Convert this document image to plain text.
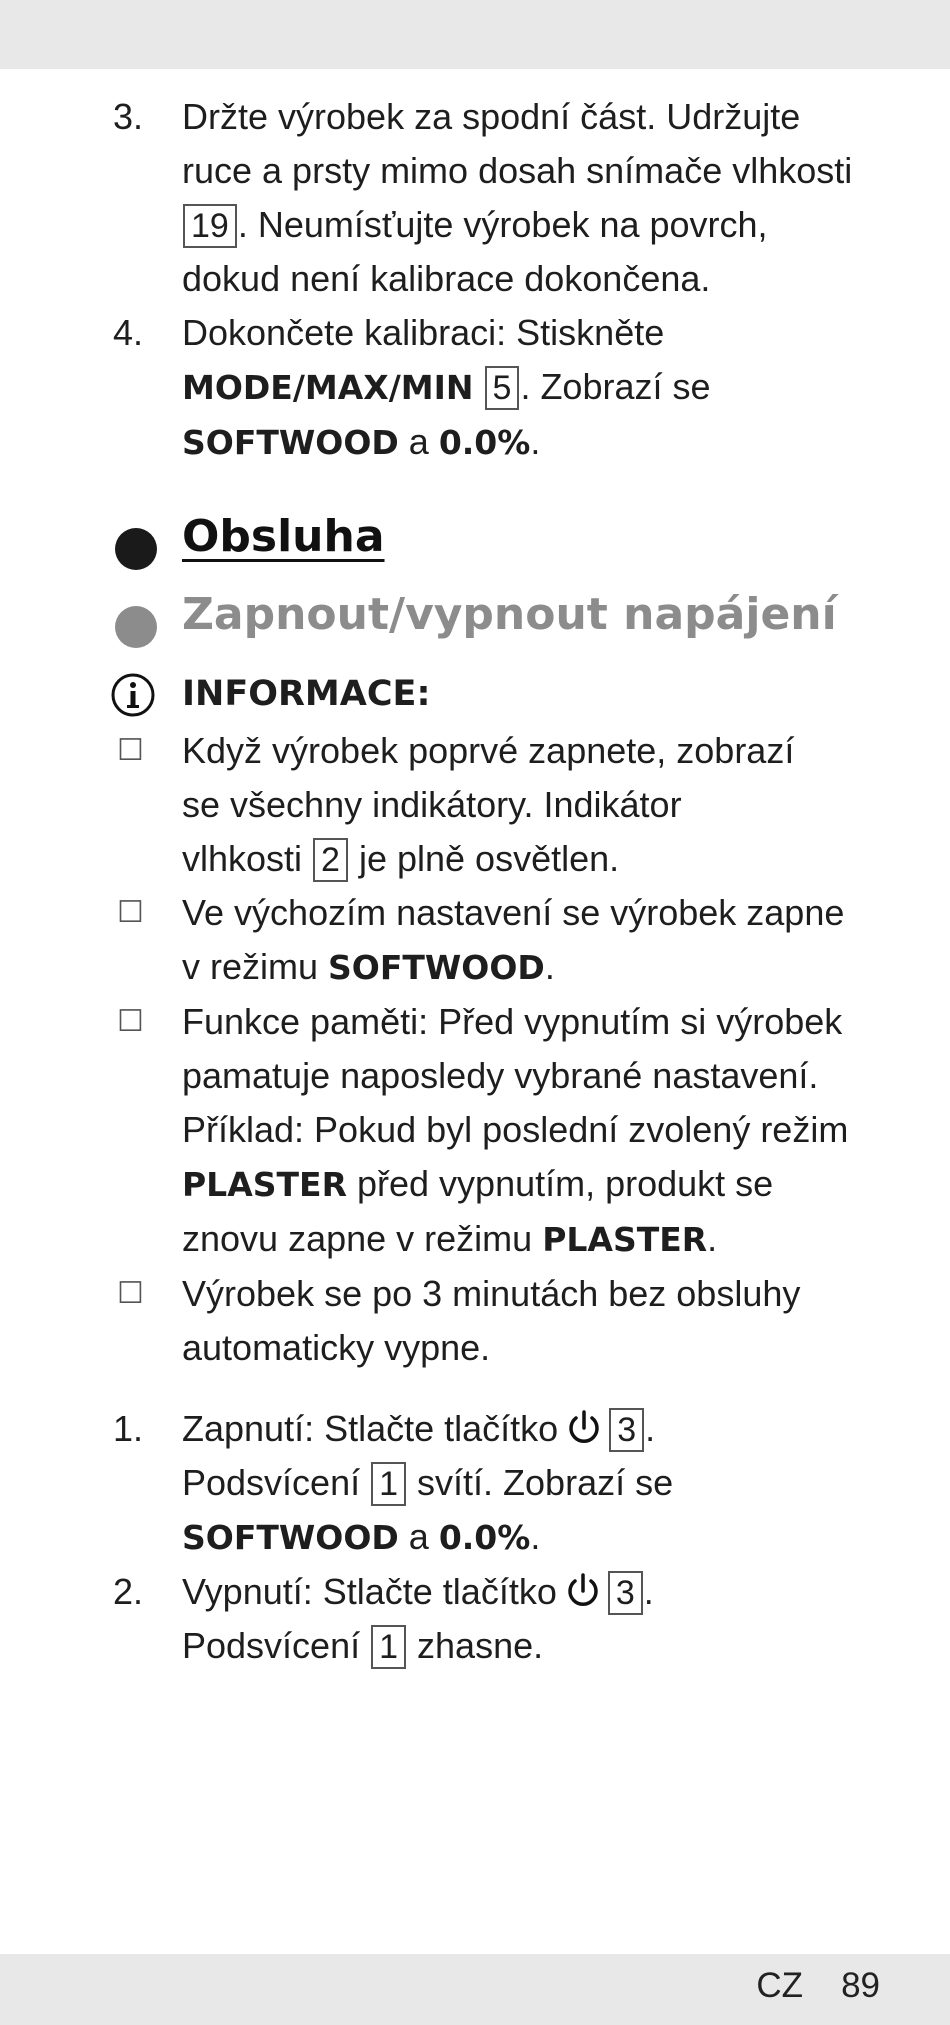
3. Držte výrobek za spodní část. Udržujte
ruce a prsty mimo dosah snímače vlhkosti
19 . Neumísťujte výrobek na povrch,
dokud není kalibrace dokončena.
4. Dokončete kalibraci: Stiskněte
MODE/MAX/MIN 5 . Zobrazí se
SOFTWOOD a 0.0%.
Obsluha
Zapnout/vypnout napájení
INFORMACE:
☐ Když výrobek poprvé zapnete, zobrazí
se všechny indikátory. Indikátor
vlhkosti 2 je plně osvětlen.
☐ Ve výchozím nastavení se výrobek zapne
v režimu SOFTWOOD.
☐ Funkce paměti: Před vypnutím si výrobek
pamatuje naposledy vybrané nastavení.
Příklad: Pokud byl poslední zvolený režim
PLASTER před vypnutím, produkt se
znovu zapne v režimu PLASTER.
☐ Výrobek se po 3 minutách bez obsluhy
automaticky vypne.
1. Zapnutí: Stlačte tlačítko 3 .
Podsvícení 1 svítí. Zobrazí se
SOFTWOOD a 0.0%.
2. Vypnutí: Stlačte tlačítko 3 .
Podsvícení 1 zhasne.
CZ 89
